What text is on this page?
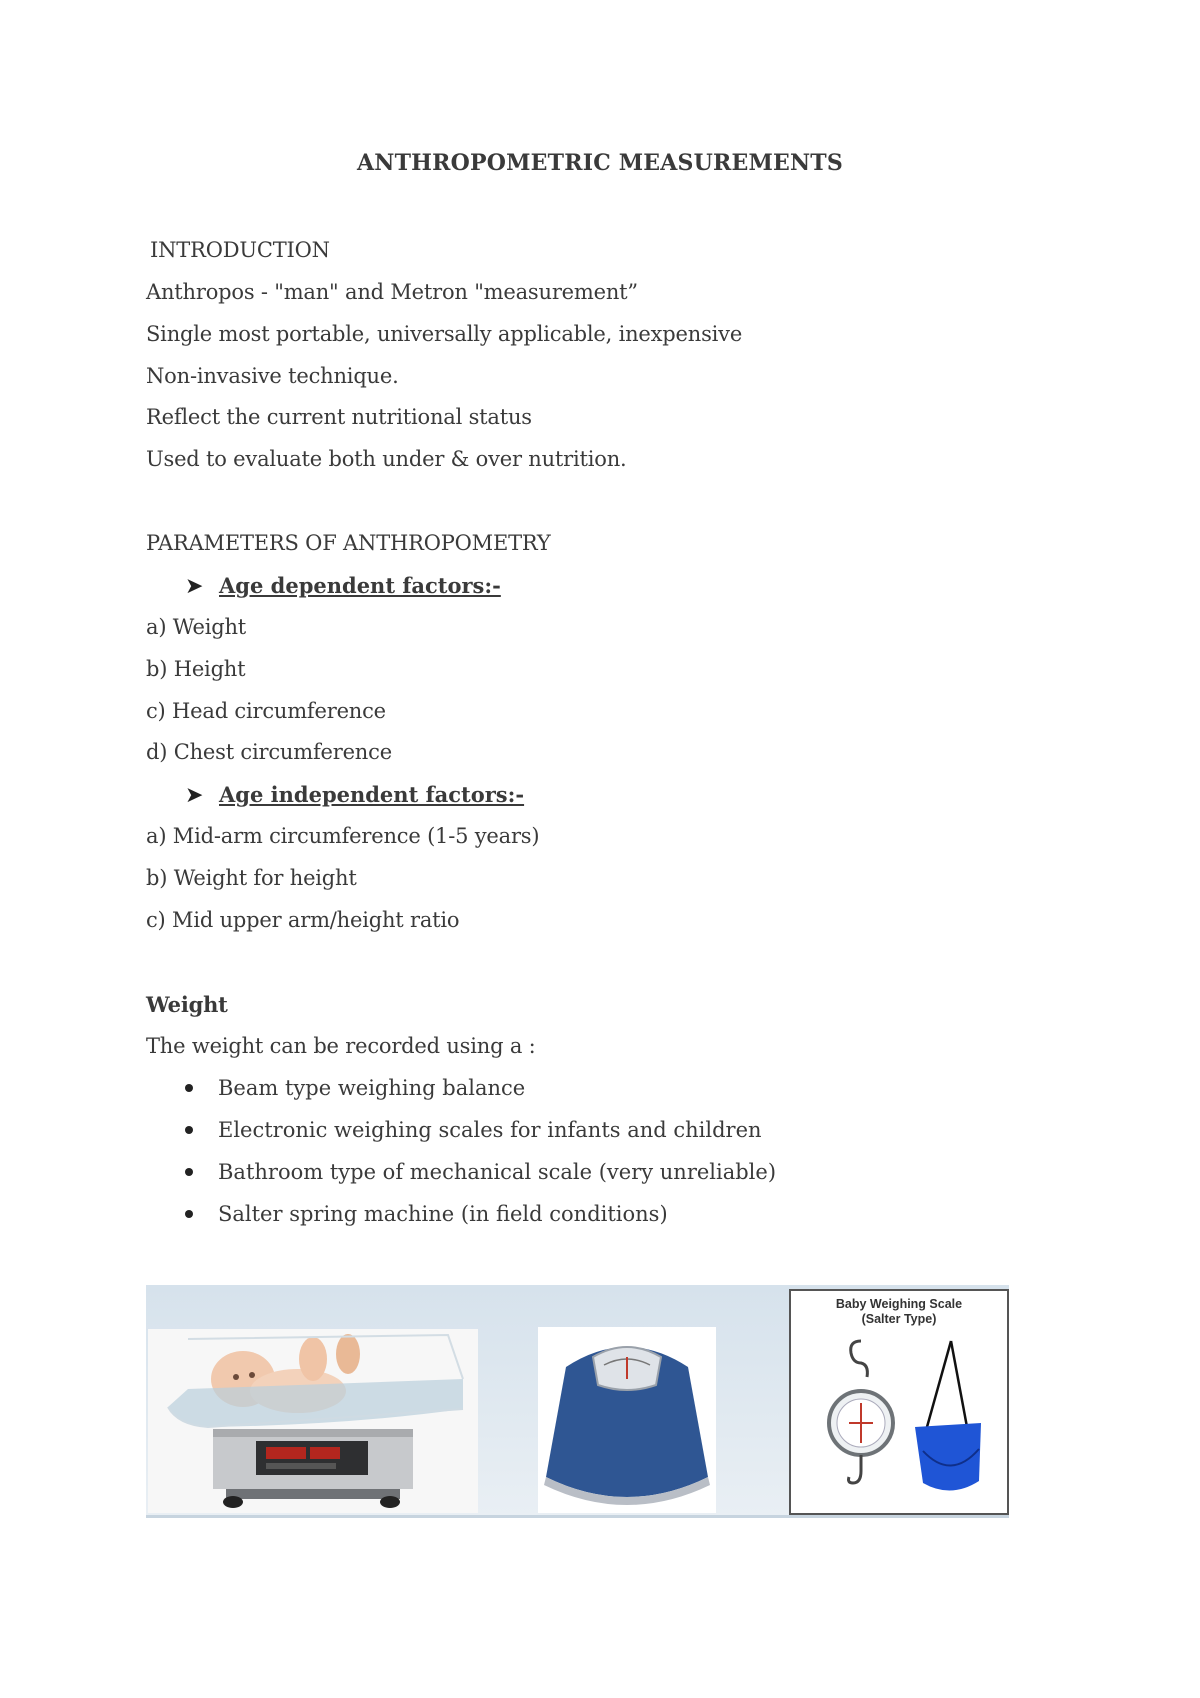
ANTHROPOMETRIC MEASUREMENTS
INTRODUCTION
Anthropos - "man" and Metron "measurement”
Single most portable, universally applicable, inexpensive
Non-invasive technique.
Reflect the current nutritional status
Used to evaluate both under & over nutrition.
PARAMETERS OF ANTHROPOMETRY
➤ Age dependent factors:-
a) Weight
b) Height
c) Head circumference
d) Chest circumference
➤ Age independent factors:-
a) Mid-arm circumference (1-5 years)
b) Weight for height
c) Mid upper arm/height ratio
Weight
The weight can be recorded using a :
Beam type weighing balance
Electronic weighing scales for infants and children
Bathroom type of mechanical scale (very unreliable)
Salter spring machine (in field conditions)
Baby Weighing Scale
(Salter Type)
